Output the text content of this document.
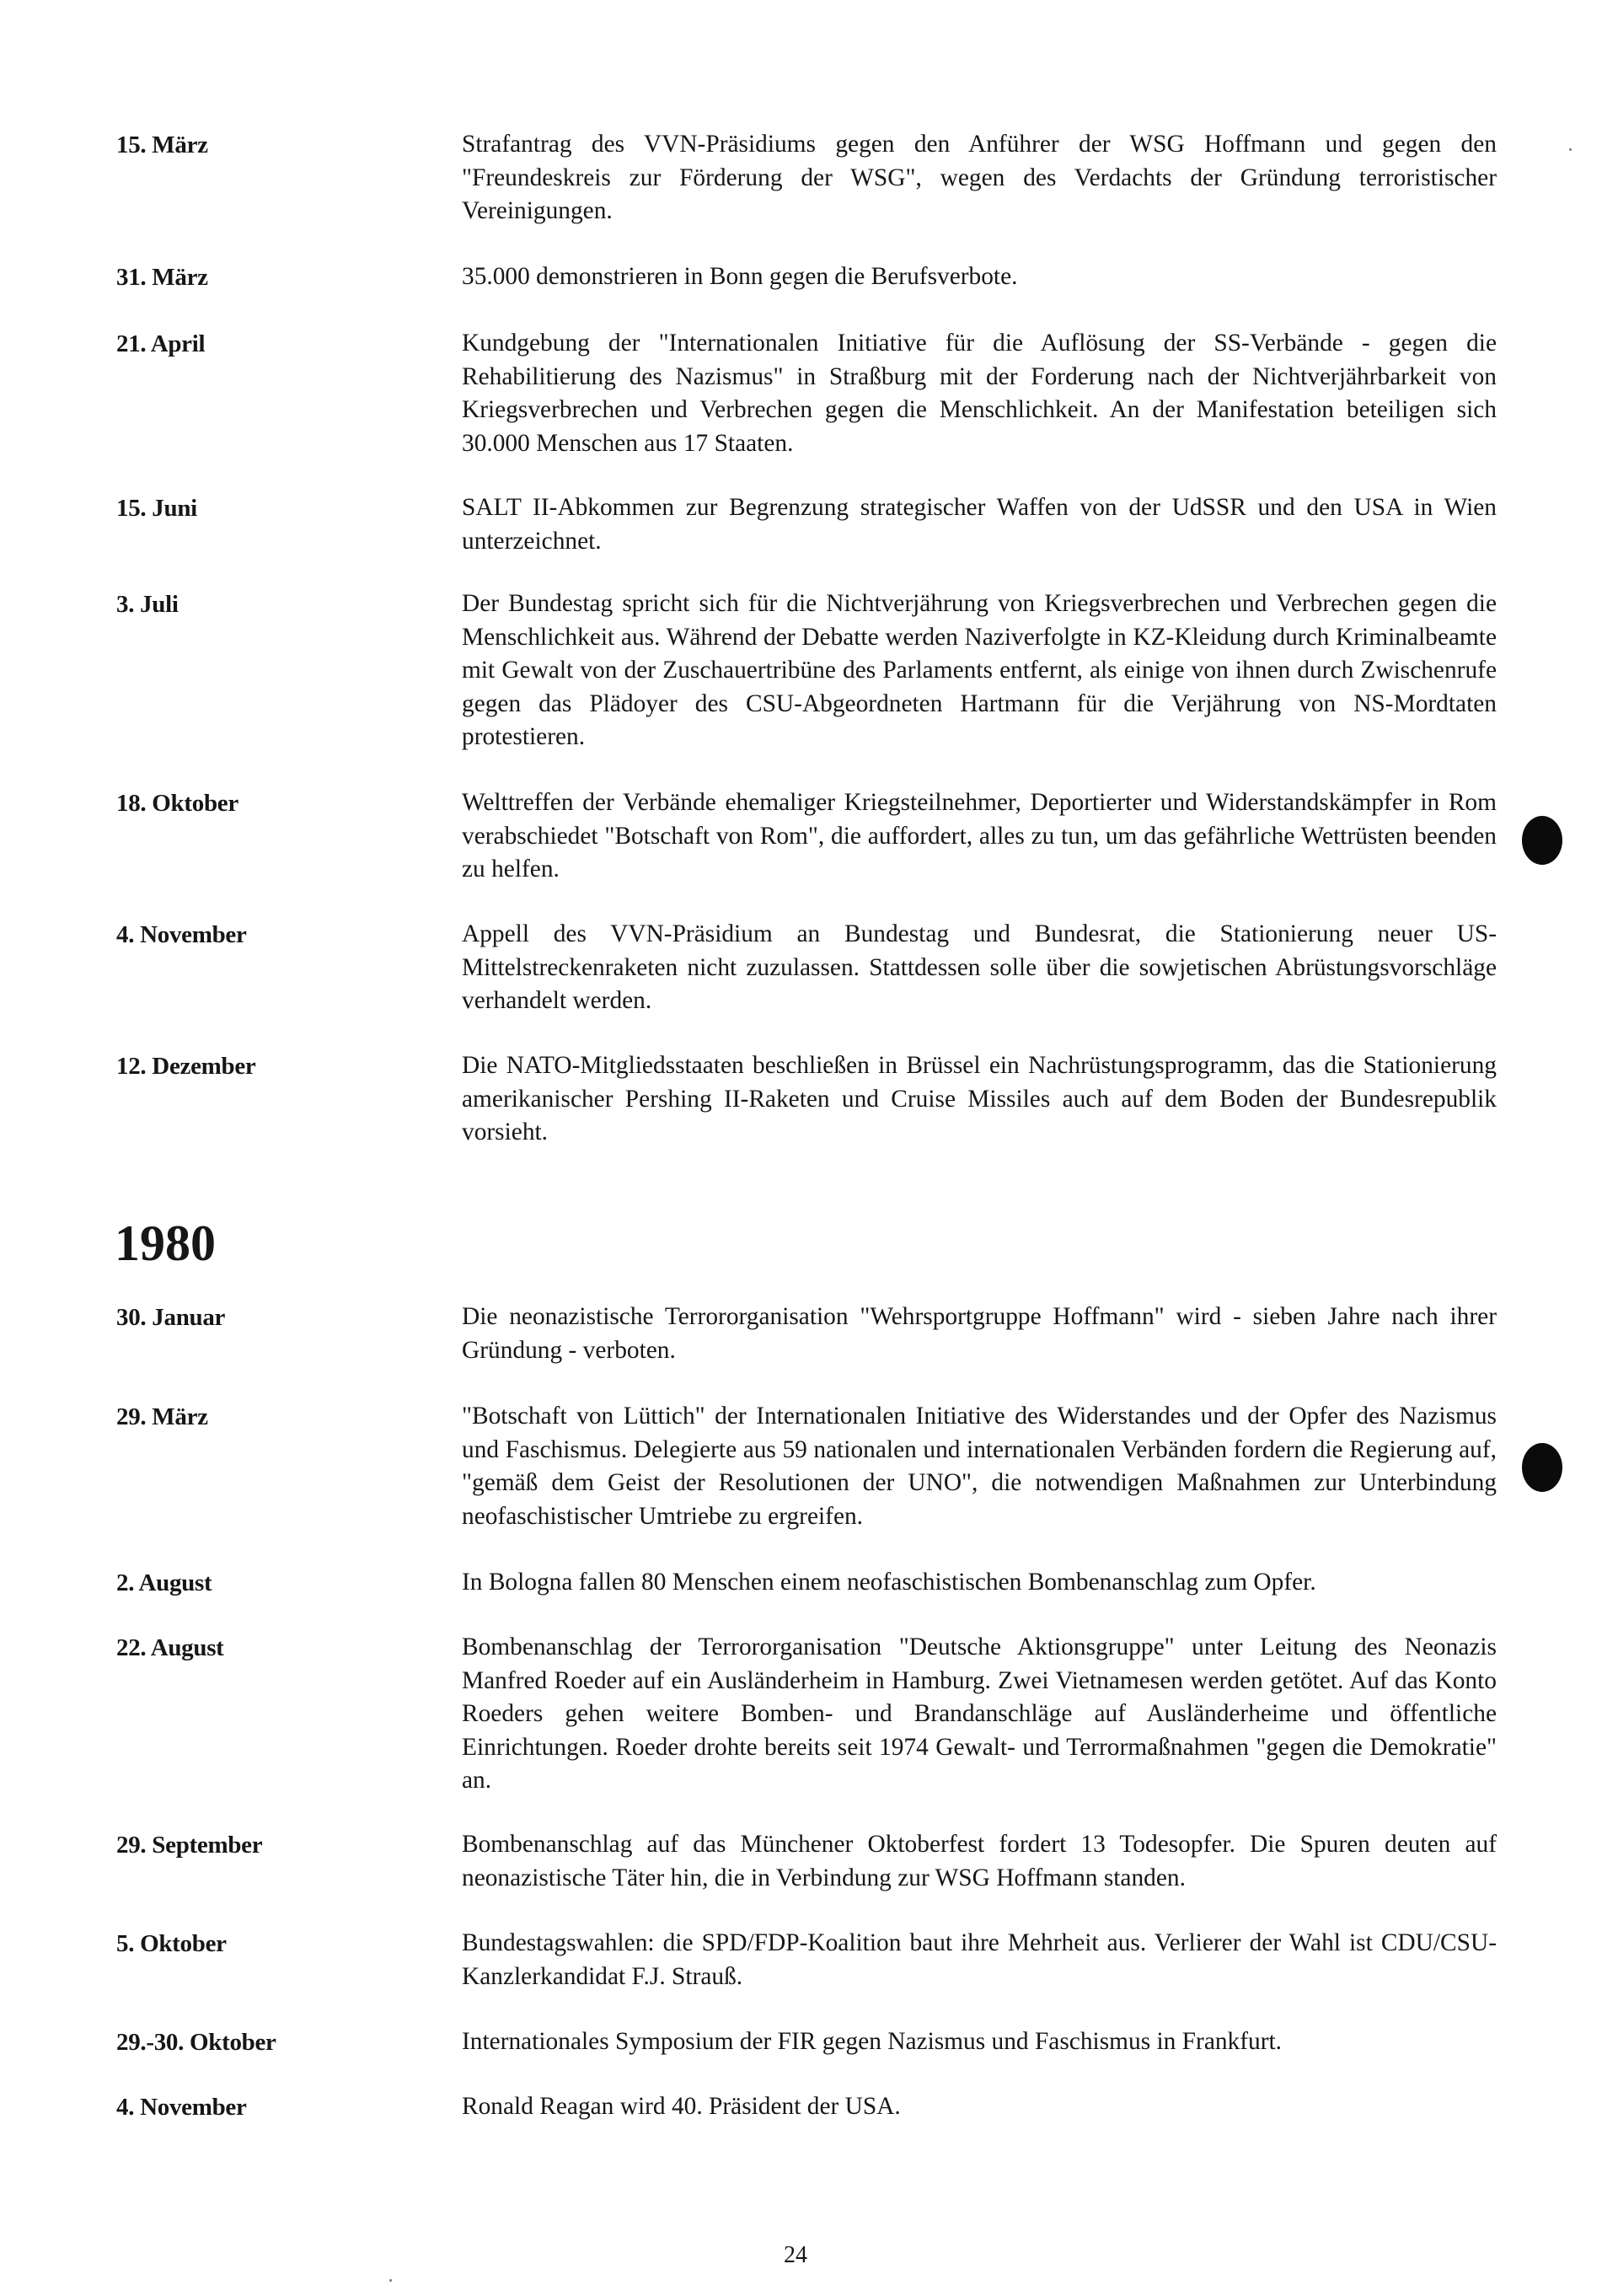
15. März	Strafantrag des VVN-Präsidiums gegen den Anführer der WSG Hoffmann und gegen den "Freundeskreis zur Förderung der WSG", wegen des Verdachts der Gründung terroristischer Vereinigungen.
31. März	35.000 demonstrieren in Bonn gegen die Berufsverbote.
21. April	Kundgebung der "Internationalen Initiative für die Auflösung der SS-Verbände - gegen die Rehabilitierung des Nazismus" in Straßburg mit der Forderung nach der Nichtverjährbarkeit von Kriegsverbrechen und Verbrechen gegen die Menschlichkeit. An der Manifestation beteiligen sich 30.000 Menschen aus 17 Staaten.
15. Juni	SALT II-Abkommen zur Begrenzung strategischer Waffen von der UdSSR und den USA in Wien unterzeichnet.
3. Juli	Der Bundestag spricht sich für die Nichtverjährung von Kriegsverbrechen und Verbrechen gegen die Menschlichkeit aus. Während der Debatte werden Naziverfolgte in KZ-Kleidung durch Kriminalbeamte mit Gewalt von der Zuschauertribüne des Parlaments entfernt, als einige von ihnen durch Zwischenrufe gegen das Plädoyer des CSU-Abgeordneten Hartmann für die Verjährung von NS-Mordtaten protestieren.
18. Oktober	Welttreffen der Verbände ehemaliger Kriegsteilnehmer, Deportierter und Widerstandskämpfer in Rom verabschiedet "Botschaft von Rom", die auffordert, alles zu tun, um das gefährliche Wettrüsten beenden zu helfen.
4. November	Appell des VVN-Präsidium an Bundestag und Bundesrat, die Stationierung neuer US-Mittelstreckenraketen nicht zuzulassen. Stattdessen solle über die sowjetischen Abrüstungsvorschläge verhandelt werden.
12. Dezember	Die NATO-Mitgliedsstaaten beschließen in Brüssel ein Nachrüstungsprogramm, das die Stationierung amerikanischer Pershing II-Raketen und Cruise Missiles auch auf dem Boden der Bundesrepublik vorsieht.
1980
30. Januar	Die neonazistische Terrororganisation "Wehrsportgruppe Hoffmann" wird - sieben Jahre nach ihrer Gründung - verboten.
29. März	"Botschaft von Lüttich" der Internationalen Initiative des Widerstandes und der Opfer des Nazismus und Faschismus. Delegierte aus 59 nationalen und internationalen Verbänden fordern die Regierung auf, "gemäß dem Geist der Resolutionen der UNO", die notwendigen Maßnahmen zur Unterbindung neofaschistischer Umtriebe zu ergreifen.
2. August	In Bologna fallen 80 Menschen einem neofaschistischen Bombenanschlag zum Opfer.
22. August	Bombenanschlag der Terrororganisation "Deutsche Aktionsgruppe" unter Leitung des Neonazis Manfred Roeder auf ein Ausländerheim in Hamburg. Zwei Vietnamesen werden getötet. Auf das Konto Roeders gehen weitere Bomben- und Brandanschläge auf Ausländerheime und öffentliche Einrichtungen. Roeder drohte bereits seit 1974 Gewalt- und Terrormaßnahmen "gegen die Demokratie" an.
29. September	Bombenanschlag auf das Münchener Oktoberfest fordert 13 Todesopfer. Die Spuren deuten auf neonazistische Täter hin, die in Verbindung zur WSG Hoffmann standen.
5. Oktober	Bundestagswahlen: die SPD/FDP-Koalition baut ihre Mehrheit aus. Verlierer der Wahl ist CDU/CSU-Kanzlerkandidat F.J. Strauß.
29.-30. Oktober	Internationales Symposium der FIR gegen Nazismus und Faschismus in Frankfurt.
4. November	Ronald Reagan wird 40. Präsident der USA.
24
